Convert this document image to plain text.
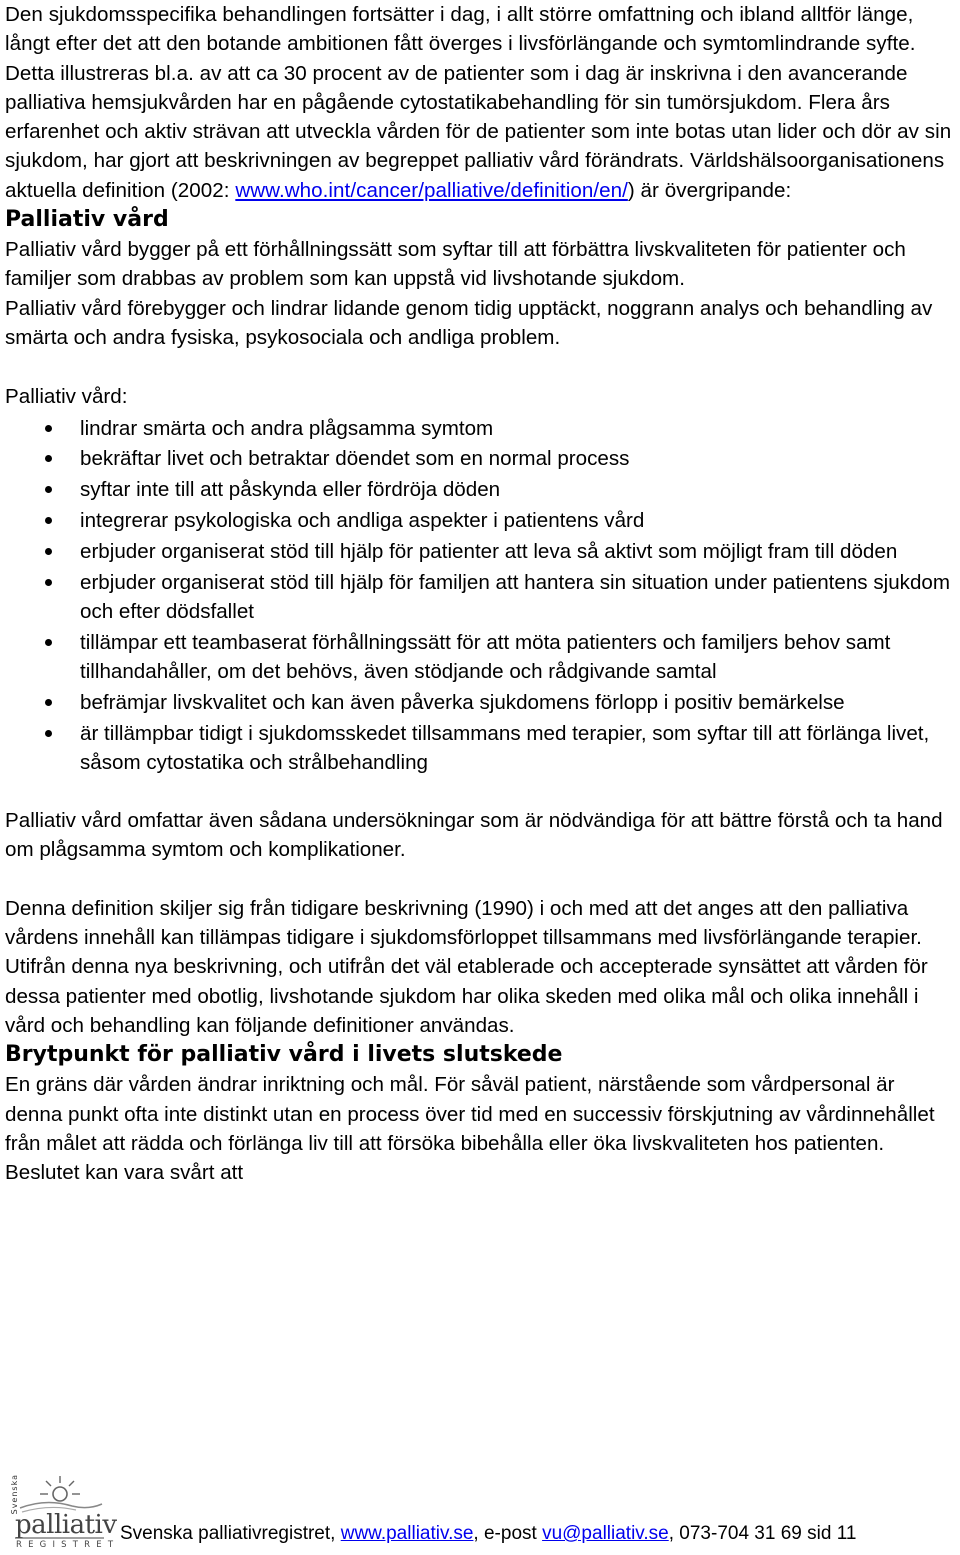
Den sjukdomsspecifika behandlingen fortsätter i dag, i allt större omfattning och ibland alltför länge, långt efter det att den botande ambitionen fått överges i livsförlängande och symtomlindrande syfte. Detta illustreras bl.a. av att ca 30 procent av de patienter som i dag är inskrivna i den avancerande palliativa hemsjukvården har en pågående cytostatikabehandling för sin tumörsjukdom. Flera års erfarenhet och aktiv strävan att utveckla vården för de patienter som inte botas utan lider och dör av sin sjukdom, har gjort att beskrivningen av begreppet palliativ vård förändrats. Världshälsoorganisationens aktuella definition (2002: www.who.int/cancer/palliative/definition/en/) är övergripande:

Palliativ vård

Palliativ vård bygger på ett förhållningssätt som syftar till att förbättra livskvaliteten för patienter och familjer som drabbas av problem som kan uppstå vid livshotande sjukdom.

Palliativ vård förebygger och lindrar lidande genom tidig upptäckt, noggrann analys och behandling av smärta och andra fysiska, psykosociala och andliga problem.

Palliativ vård:

lindrar smärta och andra plågsamma symtom
bekräftar livet och betraktar döendet som en normal process
syftar inte till att påskynda eller fördröja döden
integrerar psykologiska och andliga aspekter i patientens vård
erbjuder organiserat stöd till hjälp för patienter att leva så aktivt som möjligt fram till döden
erbjuder organiserat stöd till hjälp för familjen att hantera sin situation under patientens sjukdom och efter dödsfallet
tillämpar ett teambaserat förhållningssätt för att möta patienters och familjers behov samt tillhandahåller, om det behövs, även stödjande och rådgivande samtal
befrämjar livskvalitet och kan även påverka sjukdomens förlopp i positiv bemärkelse
är tillämpbar tidigt i sjukdomsskedet tillsammans med terapier, som syftar till att förlänga livet, såsom cytostatika och strålbehandling

Palliativ vård omfattar även sådana undersökningar som är nödvändiga för att bättre förstå och ta hand om plågsamma symtom och komplikationer.

Denna definition skiljer sig från tidigare beskrivning (1990) i och med att det anges att den palliativa vårdens innehåll kan tillämpas tidigare i sjukdomsförloppet tillsammans med livsförlängande terapier. Utifrån denna nya beskrivning, och utifrån det väl etablerade och accepterade synsättet att vården för dessa patienter med obotlig, livshotande sjukdom har olika skeden med olika mål och olika innehåll i vård och behandling kan följande definitioner användas.

Brytpunkt för palliativ vård i livets slutskede

En gräns där vården ändrar inriktning och mål. För såväl patient, närstående som vårdpersonal är denna punkt ofta inte distinkt utan en process över tid med en successiv förskjutning av vårdinnehållet från målet att rädda och förlänga liv till att försöka bibehålla eller öka livskvaliteten hos patienten. Beslutet kan vara svårt att

Svenska
palliativ
REGISTRET
Svenska palliativregistret, www.palliativ.se, e-post vu@palliativ.se, 073-704 31 69 sid 11
